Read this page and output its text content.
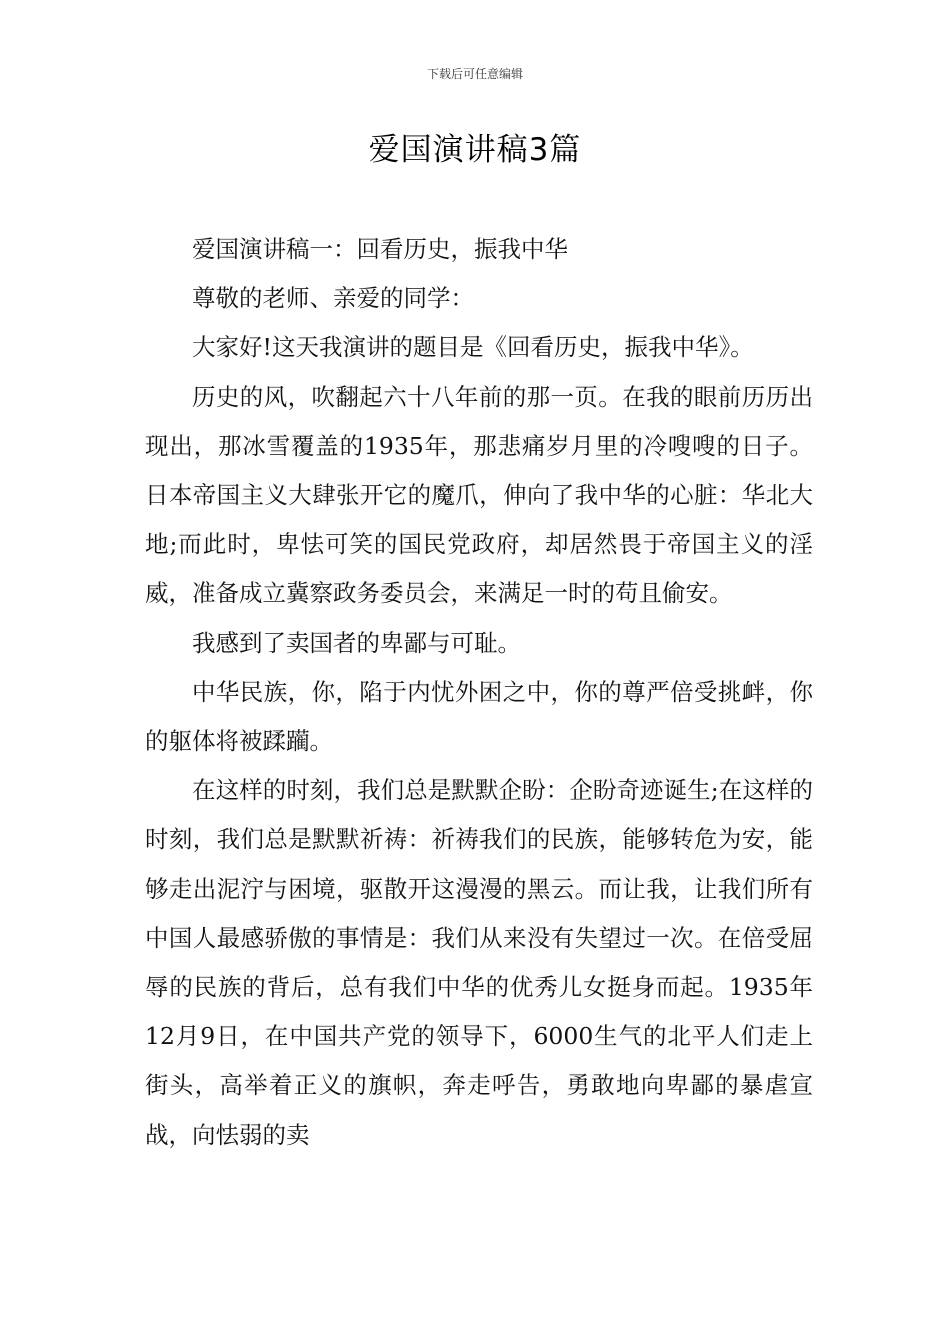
下载后可任意编辑
爱国演讲稿3篇

爱国演讲稿一：回看历史，振我中华

尊敬的老师、亲爱的同学：

大家好!这天我演讲的题目是《回看历史，振我中华》。

历史的风，吹翻起六十八年前的那一页。在我的眼前历历出现出，那冰雪覆盖的1935年，那悲痛岁月里的冷嗖嗖的日子。日本帝国主义大肆张开它的魔爪，伸向了我中华的心脏：华北大地;而此时，卑怯可笑的国民党政府，却居然畏于帝国主义的淫威，准备成立冀察政务委员会，来满足一时的苟且偷安。

我感到了卖国者的卑鄙与可耻。

中华民族，你，陷于内忧外困之中，你的尊严倍受挑衅，你的躯体将被蹂躏。

在这样的时刻，我们总是默默企盼：企盼奇迹诞生;在这样的时刻，我们总是默默祈祷：祈祷我们的民族，能够转危为安，能够走出泥泞与困境，驱散开这漫漫的黑云。而让我，让我们所有中国人最感骄傲的事情是：我们从来没有失望过一次。在倍受屈辱的民族的背后，总有我们中华的优秀儿女挺身而起。1935年12月9日，在中国共产党的领导下，6000生气的北平人们走上街头，高举着正义的旗帜，奔走呼告，勇敢地向卑鄙的暴虐宣战，向怯弱的卖
